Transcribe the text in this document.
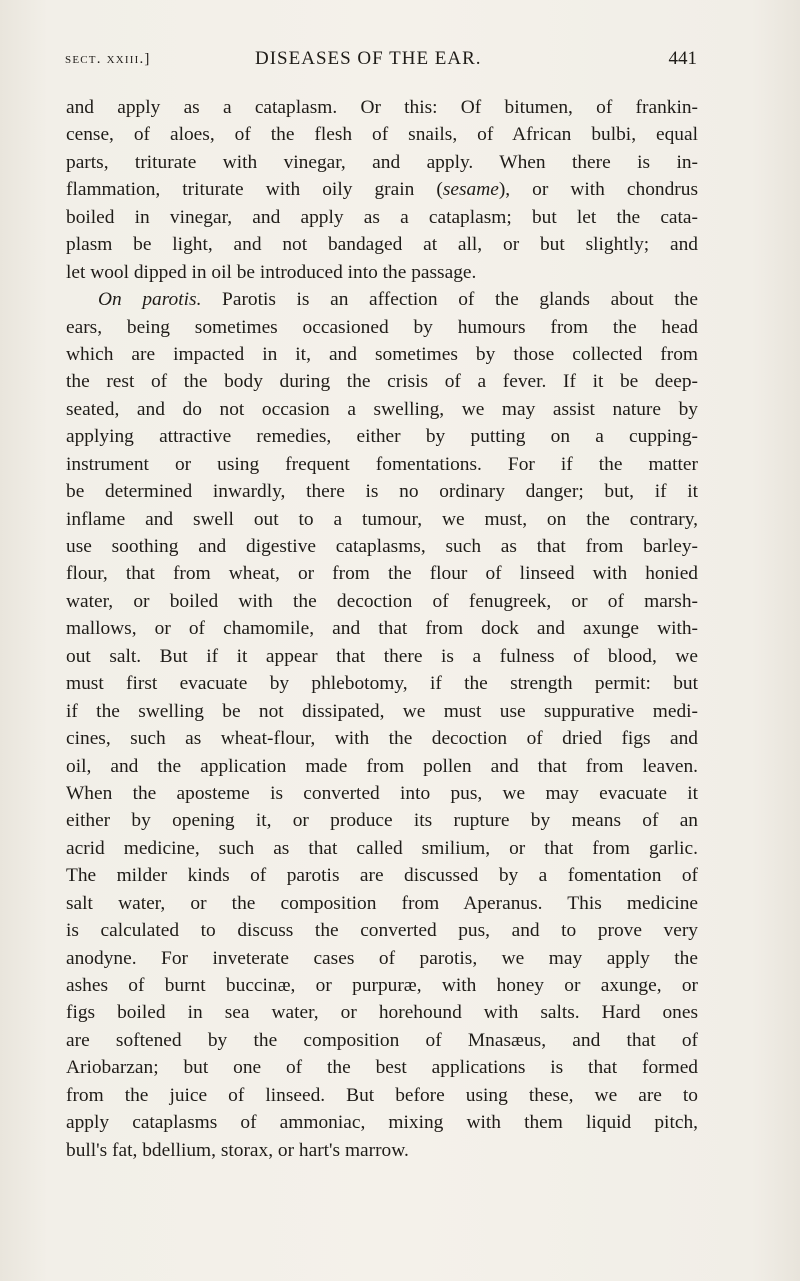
sect. xxiii.]	DISEASES OF THE EAR.	441
and apply as a cataplasm. Or this: Of bitumen, of frankin-
cense, of aloes, of the flesh of snails, of African bulbi, equal
parts, triturate with vinegar, and apply. When there is in-
flammation, triturate with oily grain (sesame), or with chondrus
boiled in vinegar, and apply as a cataplasm; but let the cata-
plasm be light, and not bandaged at all, or but slightly; and
let wool dipped in oil be introduced into the passage.
On parotis. Parotis is an affection of the glands about the
ears, being sometimes occasioned by humours from the head
which are impacted in it, and sometimes by those collected from
the rest of the body during the crisis of a fever. If it be deep-
seated, and do not occasion a swelling, we may assist nature by
applying attractive remedies, either by putting on a cupping-
instrument or using frequent fomentations. For if the matter
be determined inwardly, there is no ordinary danger; but, if it
inflame and swell out to a tumour, we must, on the contrary,
use soothing and digestive cataplasms, such as that from barley-
flour, that from wheat, or from the flour of linseed with honied
water, or boiled with the decoction of fenugreek, or of marsh-
mallows, or of chamomile, and that from dock and axunge with-
out salt. But if it appear that there is a fulness of blood, we
must first evacuate by phlebotomy, if the strength permit: but
if the swelling be not dissipated, we must use suppurative medi-
cines, such as wheat-flour, with the decoction of dried figs and
oil, and the application made from pollen and that from leaven.
When the aposteme is converted into pus, we may evacuate it
either by opening it, or produce its rupture by means of an
acrid medicine, such as that called smilium, or that from garlic.
The milder kinds of parotis are discussed by a fomentation of
salt water, or the composition from Aperanus. This medicine
is calculated to discuss the converted pus, and to prove very
anodyne. For inveterate cases of parotis, we may apply the
ashes of burnt buccinæ, or purpuræ, with honey or axunge, or
figs boiled in sea water, or horehound with salts. Hard ones
are softened by the composition of Mnasæus, and that of
Ariobarzan; but one of the best applications is that formed
from the juice of linseed. But before using these, we are to
apply cataplasms of ammoniac, mixing with them liquid pitch,
bull's fat, bdellium, storax, or hart's marrow.
